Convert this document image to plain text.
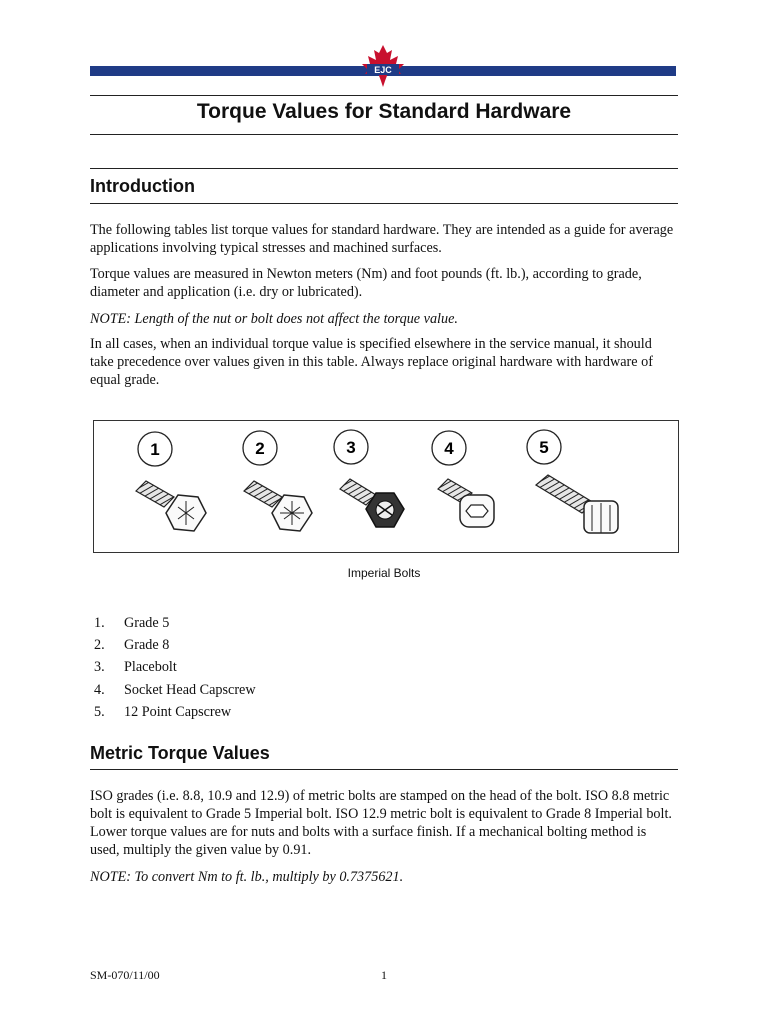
EJC
Torque Values for Standard Hardware
Introduction
The following tables list torque values for standard hardware. They are intended as a guide for average applications involving typical stresses and machined surfaces.
Torque values are measured in Newton meters (Nm) and foot pounds (ft. lb.), according to grade, diameter and application (i.e. dry or lubricated).
NOTE: Length of the nut or bolt does not affect the torque value.
In all cases, when an individual torque value is specified elsewhere in the service manual, it should take precedence over values given in this table. Always replace original hardware with hardware of equal grade.
1	2	3	4	5
Imperial Bolts
1. Grade 5
2. Grade 8
3. Placebolt
4. Socket Head Capscrew
5. 12 Point Capscrew
Metric Torque Values
ISO grades (i.e. 8.8, 10.9 and 12.9) of metric bolts are stamped on the head of the bolt. ISO 8.8 metric bolt is equivalent to Grade 5 Imperial bolt. ISO 12.9 metric bolt is equivalent to Grade 8 Imperial bolt. Lower torque values are for nuts and bolts with a surface finish. If a mechanical bolting method is used, multiply the given value by 0.91.
NOTE: To convert Nm to ft. lb., multiply by 0.7375621.
SM-070/11/00	1
